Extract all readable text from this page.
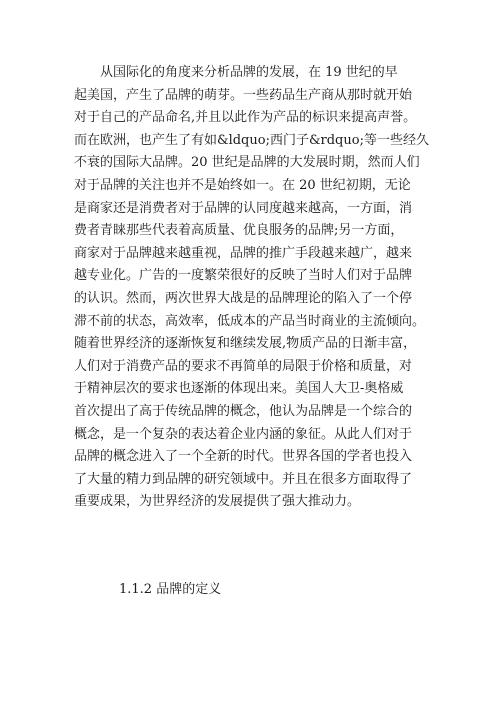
　　从国际化的角度来分析品牌的发展，在 19 世纪的早
起美国，产生了品牌的萌芽。一些药品生产商从那时就开始
对于自己的产品命名,并且以此作为产品的标识来提高声誉。
而在欧洲，也产生了有如&ldquo;西门子&rdquo;等一些经久
不衰的国际大品牌。20 世纪是品牌的大发展时期，然而人们
对于品牌的关注也并不是始终如一。在 20 世纪初期，无论
是商家还是消费者对于品牌的认同度越来越高，一方面，消
费者青睐那些代表着高质量、优良服务的品牌;另一方面，
商家对于品牌越来越重视，品牌的推广手段越来越广，越来
越专业化。广告的一度繁荣很好的反映了当时人们对于品牌
的认识。然而，两次世界大战是的品牌理论的陷入了一个停
滞不前的状态，高效率，低成本的产品当时商业的主流倾向。
随着世界经济的逐渐恢复和继续发展,物质产品的日渐丰富，
人们对于消费产品的要求不再简单的局限于价格和质量，对
于精神层次的要求也逐渐的体现出来。美国人大卫-奥格威
首次提出了高于传统品牌的概念，他认为品牌是一个综合的
概念，是一个复杂的表达着企业内涵的象征。从此人们对于
品牌的概念进入了一个全新的时代。世界各国的学者也投入
了大量的精力到品牌的研究领域中。并且在很多方面取得了
重要成果，为世界经济的发展提供了强大推动力。
1.1.2 品牌的定义
